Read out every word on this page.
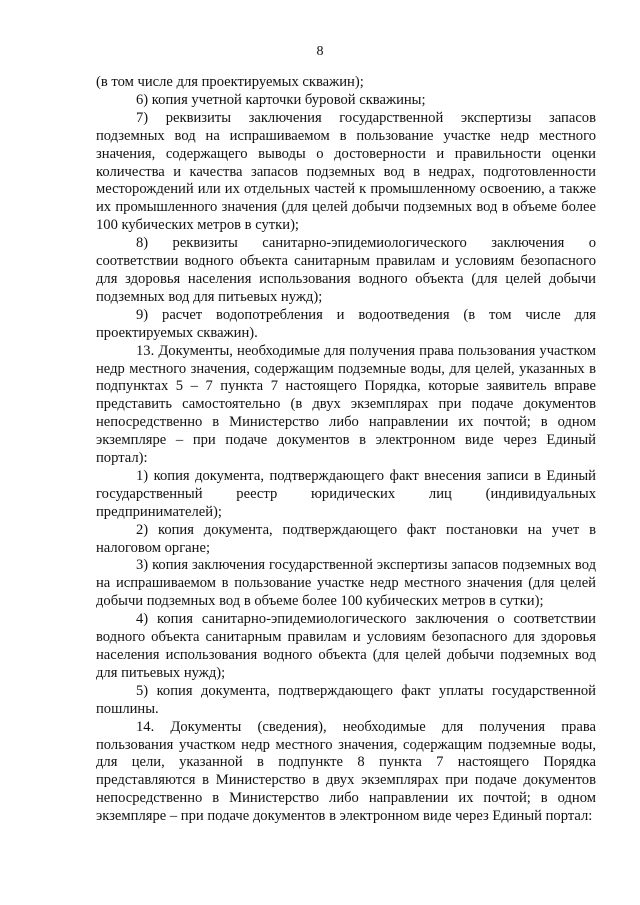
8

(в том числе для проектируемых скважин);

6) копия учетной карточки буровой скважины;

7) реквизиты заключения государственной экспертизы запасов подземных вод на испрашиваемом в пользование участке недр местного значения, содержащего выводы о достоверности и правильности оценки количества и качества запасов подземных вод в недрах, подготовленности месторождений или их отдельных частей к промышленному освоению, а также их промышленного значения (для целей добычи подземных вод в объеме более 100 кубических метров в сутки);

8) реквизиты санитарно-эпидемиологического заключения о соответствии водного объекта санитарным правилам и условиям безопасного для здоровья населения использования водного объекта (для целей добычи подземных вод для питьевых нужд);

9) расчет водопотребления и водоотведения (в том числе для проектируемых скважин).

13. Документы, необходимые для получения права пользования участком недр местного значения, содержащим подземные воды, для целей, указанных в подпунктах 5 – 7 пункта 7 настоящего Порядка, которые заявитель вправе представить самостоятельно (в двух экземплярах при подаче документов непосредственно в Министерство либо направлении их почтой; в одном экземпляре – при подаче документов в электронном виде через Единый портал):

1) копия документа, подтверждающего факт внесения записи в Единый государственный реестр юридических лиц (индивидуальных предпринимателей);

2) копия документа, подтверждающего факт постановки на учет в налоговом органе;

3) копия заключения государственной экспертизы запасов подземных вод на испрашиваемом в пользование участке недр местного значения (для целей добычи подземных вод в объеме более 100 кубических метров в сутки);

4) копия санитарно-эпидемиологического заключения о соответствии водного объекта санитарным правилам и условиям безопасного для здоровья населения использования водного объекта (для целей добычи подземных вод для питьевых нужд);

5) копия документа, подтверждающего факт уплаты государственной пошлины.

14. Документы (сведения), необходимые для получения права пользования участком недр местного значения, содержащим подземные воды, для цели, указанной в подпункте 8 пункта 7 настоящего Порядка представляются в Министерство в двух экземплярах при подаче документов непосредственно в Министерство либо направлении их почтой; в одном экземпляре – при подаче документов в электронном виде через Единый портал:
